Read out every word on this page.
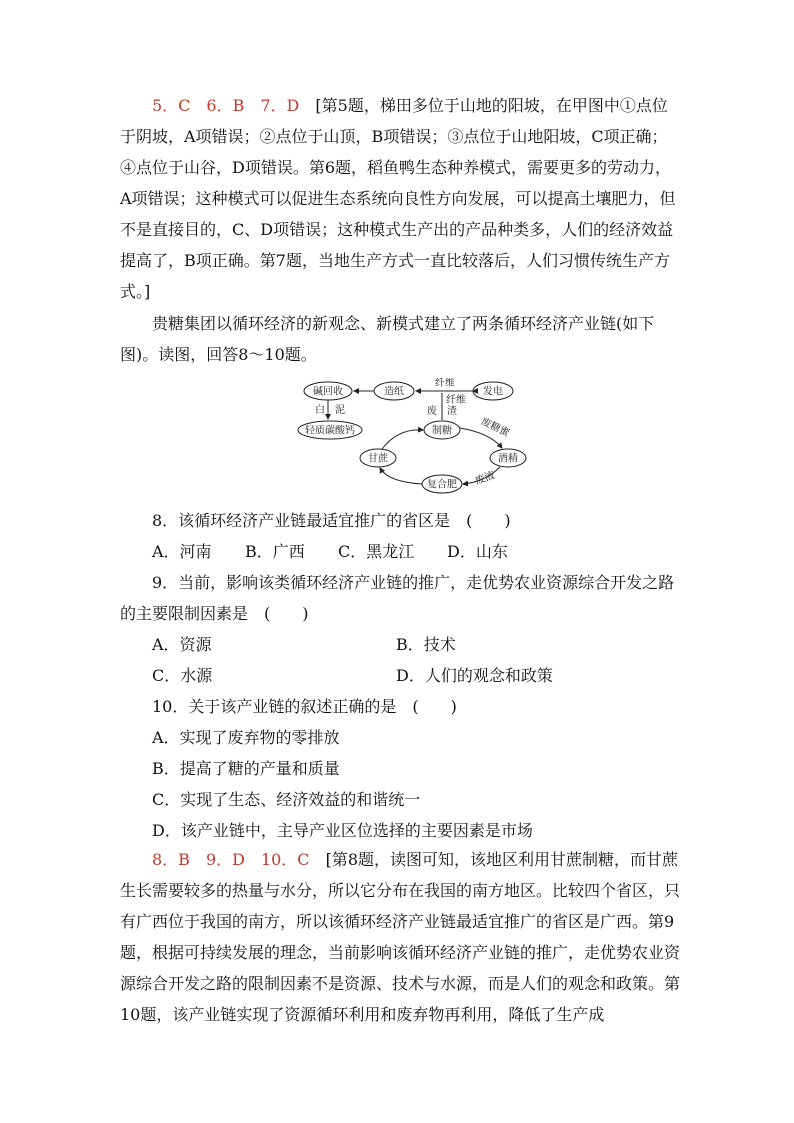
5．C　6．B　7．D　 [第5题，梯田多位于山地的阳坡，在甲图中①点位于阴坡，A项错误；②点位于山顶，B项错误；③点位于山地阳坡，C项正确；④点位于山谷，D项错误。第6题，稻鱼鸭生态种养模式，需要更多的劳动力，A项错误；这种模式可以促进生态系统向良性方向发展，可以提高土壤肥力，但不是直接目的，C、D项错误；这种模式生产出的产品种类多，人们的经济效益提高了，B项正确。第7题，当地生产方式一直比较落后，人们习惯传统生产方式。]

贵糖集团以循环经济的新观念、新模式建立了两条循环经济产业链(如下图)。读图，回答8～10题。

碱回收	造纸	发电
轻质碳酸钙	制糖
甘蔗	酒精
复合肥
纤维
纤维
白 泥	废 渣
废糖蜜
废液

8．该循环经济产业链最适宜推广的省区是　(　　)

A．河南 B．广西 C．黑龙江 D．山东

9．当前，影响该类循环经济产业链的推广，走优势农业资源综合开发之路的主要限制因素是　(　　)

A．资源	B．技术
C．水源	D．人们的观念和政策

10．关于该产业链的叙述正确的是　(　　)

A．实现了废弃物的零排放
B．提高了糖的产量和质量
C．实现了生态、经济效益的和谐统一
D．该产业链中，主导产业区位选择的主要因素是市场

8．B　9．D　10．C　 [第8题，读图可知，该地区利用甘蔗制糖，而甘蔗生长需要较多的热量与水分，所以它分布在我国的南方地区。比较四个省区，只有广西位于我国的南方，所以该循环经济产业链最适宜推广的省区是广西。第9题，根据可持续发展的理念，当前影响该循环经济产业链的推广，走优势农业资源综合开发之路的限制因素不是资源、技术与水源，而是人们的观念和政策。第10题，该产业链实现了资源循环利用和废弃物再利用，降低了生产成
